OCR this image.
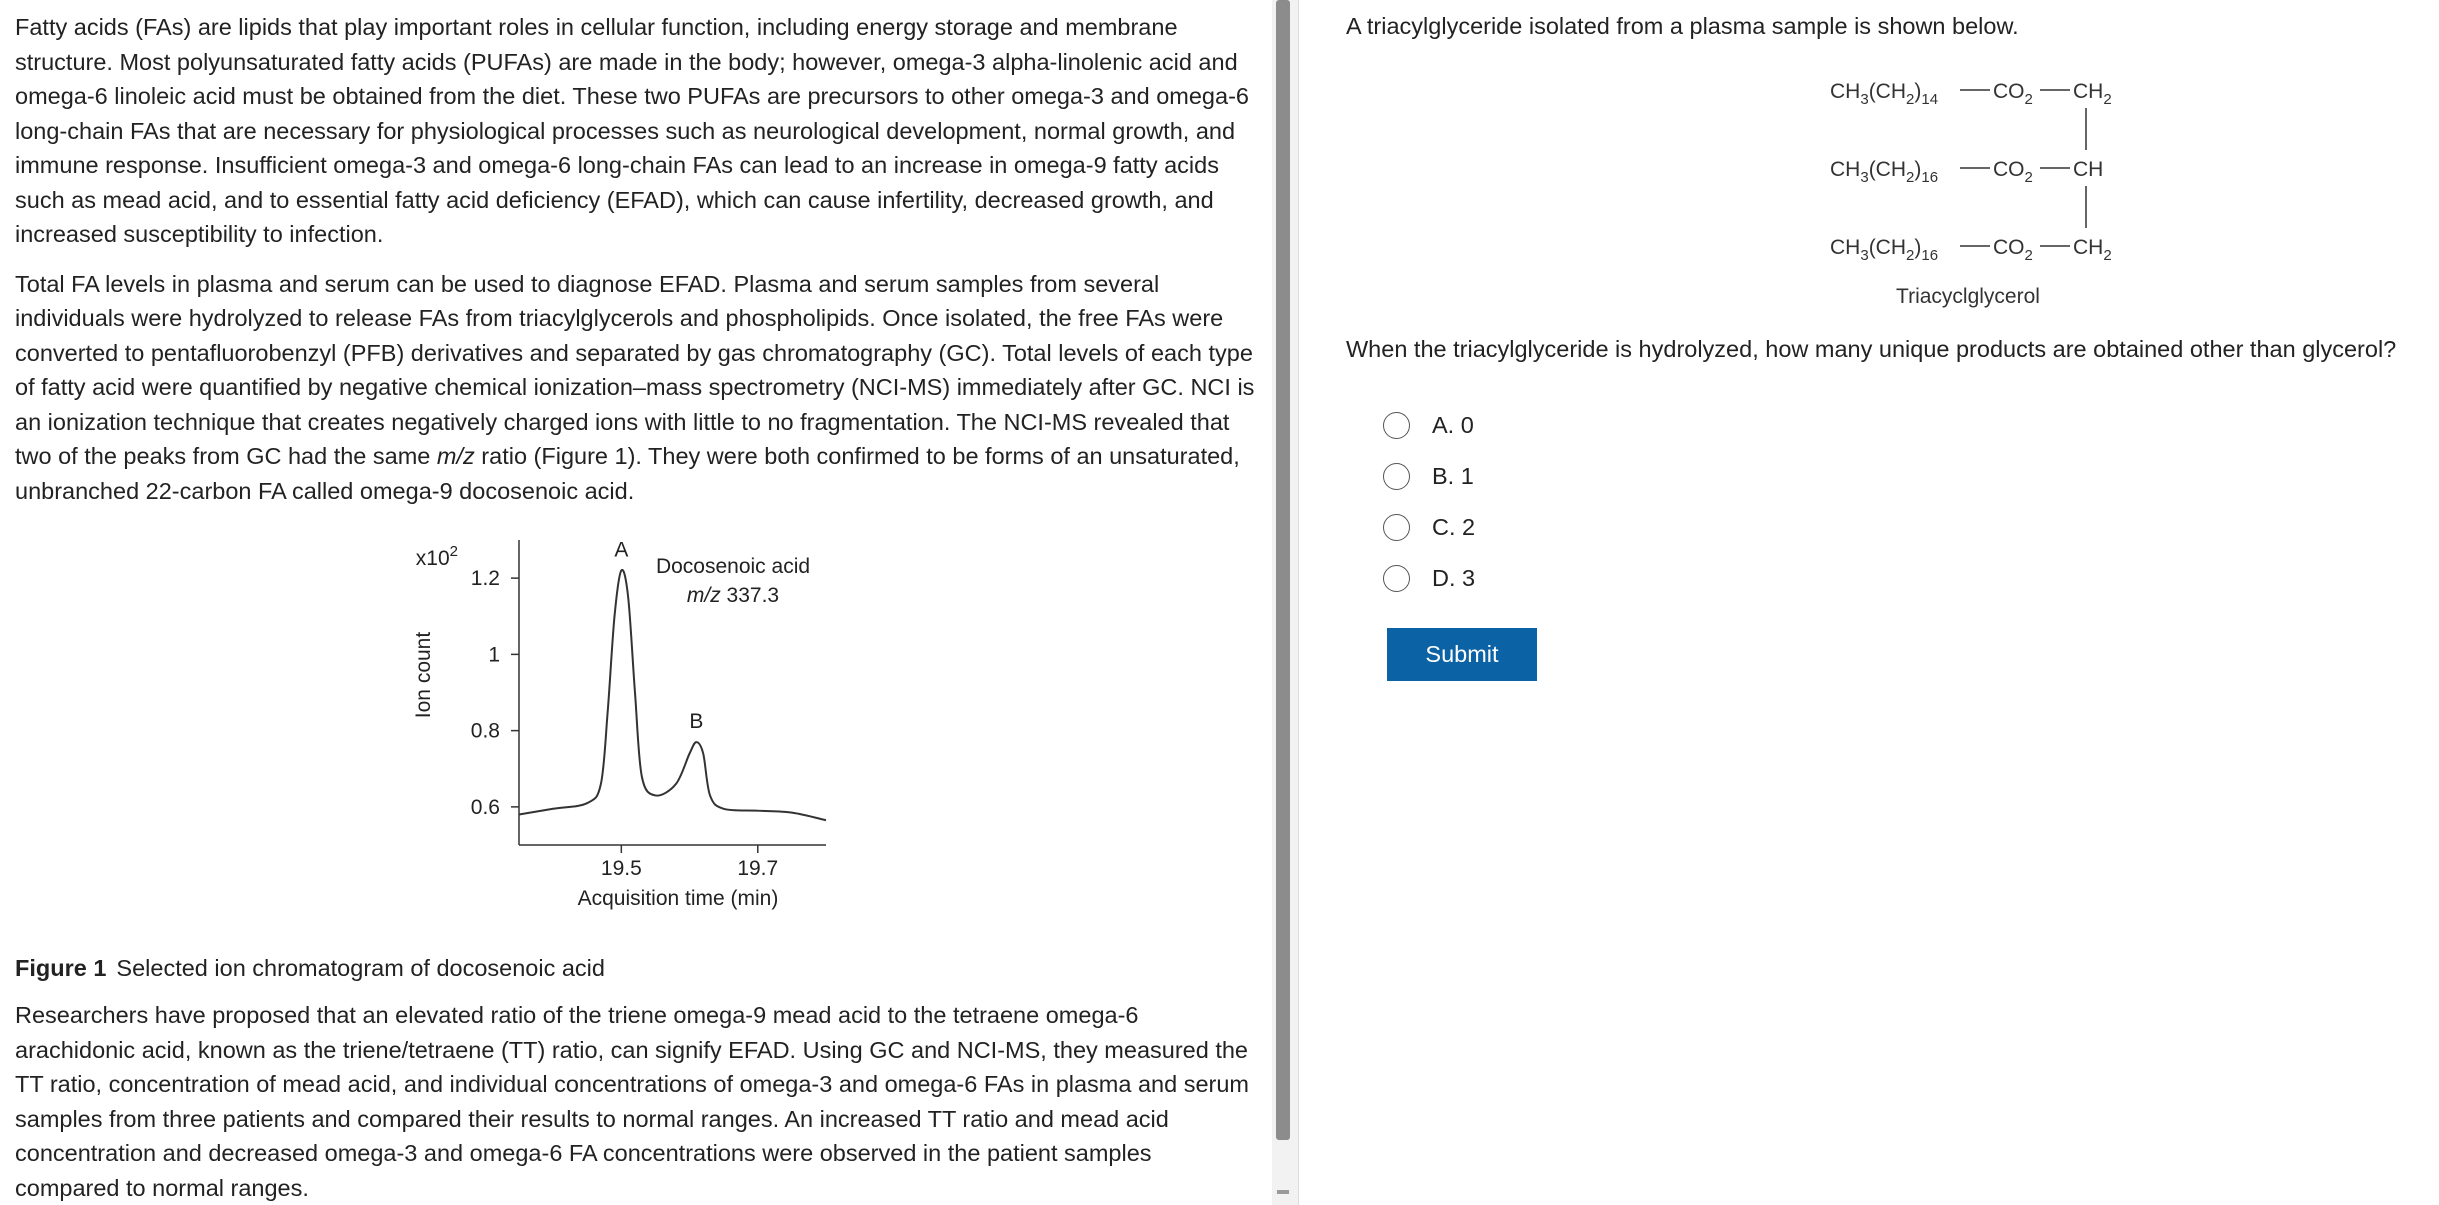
Fatty acids (FAs) are lipids that play important roles in cellular function, including energy storage and membrane structure. Most polyunsaturated fatty acids (PUFAs) are made in the body; however, omega-3 alpha-linolenic acid and omega-6 linoleic acid must be obtained from the diet. These two PUFAs are precursors to other omega-3 and omega-6 long-chain FAs that are necessary for physiological processes such as neurological development, normal growth, and immune response. Insufficient omega-3 and omega-6 long-chain FAs can lead to an increase in omega-9 fatty acids such as mead acid, and to essential fatty acid deficiency (EFAD), which can cause infertility, decreased growth, and increased susceptibility to infection.

Total FA levels in plasma and serum can be used to diagnose EFAD. Plasma and serum samples from several individuals were hydrolyzed to release FAs from triacylglycerols and phospholipids. Once isolated, the free FAs were converted to pentafluorobenzyl (PFB) derivatives and separated by gas chromatography (GC). Total levels of each type of fatty acid were quantified by negative chemical ionization–mass spectrometry (NCI-MS) immediately after GC. NCI is an ionization technique that creates negatively charged ions with little to no fragmentation. The NCI-MS revealed that two of the peaks from GC had the same m/z ratio (Figure 1). They were both confirmed to be forms of an unsaturated, unbranched 22-carbon FA called omega-9 docosenoic acid.

$x10^2$
1.2
1
0.8
0.6
19.5	19.7
Ion count
Acquisition time (min)
Docosenoic acid
m/z 337.3
A
B
Figure 1 Selected ion chromatogram of docosenoic acid
Researchers have proposed that an elevated ratio of the triene omega-9 mead acid to the tetraene omega-6 arachidonic acid, known as the triene/tetraene (TT) ratio, can signify EFAD. Using GC and NCI-MS, they measured the TT ratio, concentration of mead acid, and individual concentrations of omega-3 and omega-6 FAs in plasma and serum samples from three patients and compared their results to normal ranges. An increased TT ratio and mead acid concentration and decreased omega-3 and omega-6 FA concentrations were observed in the patient samples compared to normal ranges.
A triacylglyceride isolated from a plasma sample is shown below.
$CH_3(CH_2)_{14}$	$CO_2$ $CH_2$
$CH_3(CH_2)_{16}$	$CO_2$ CH
$CH_3(CH_2)_{16}$	$CO_2$ $CH_2$
Triacyclglycerol
When the triacylglyceride is hydrolyzed, how many unique products are obtained other than glycerol?
A. 0
B. 1
C. 2
D. 3
Submit
